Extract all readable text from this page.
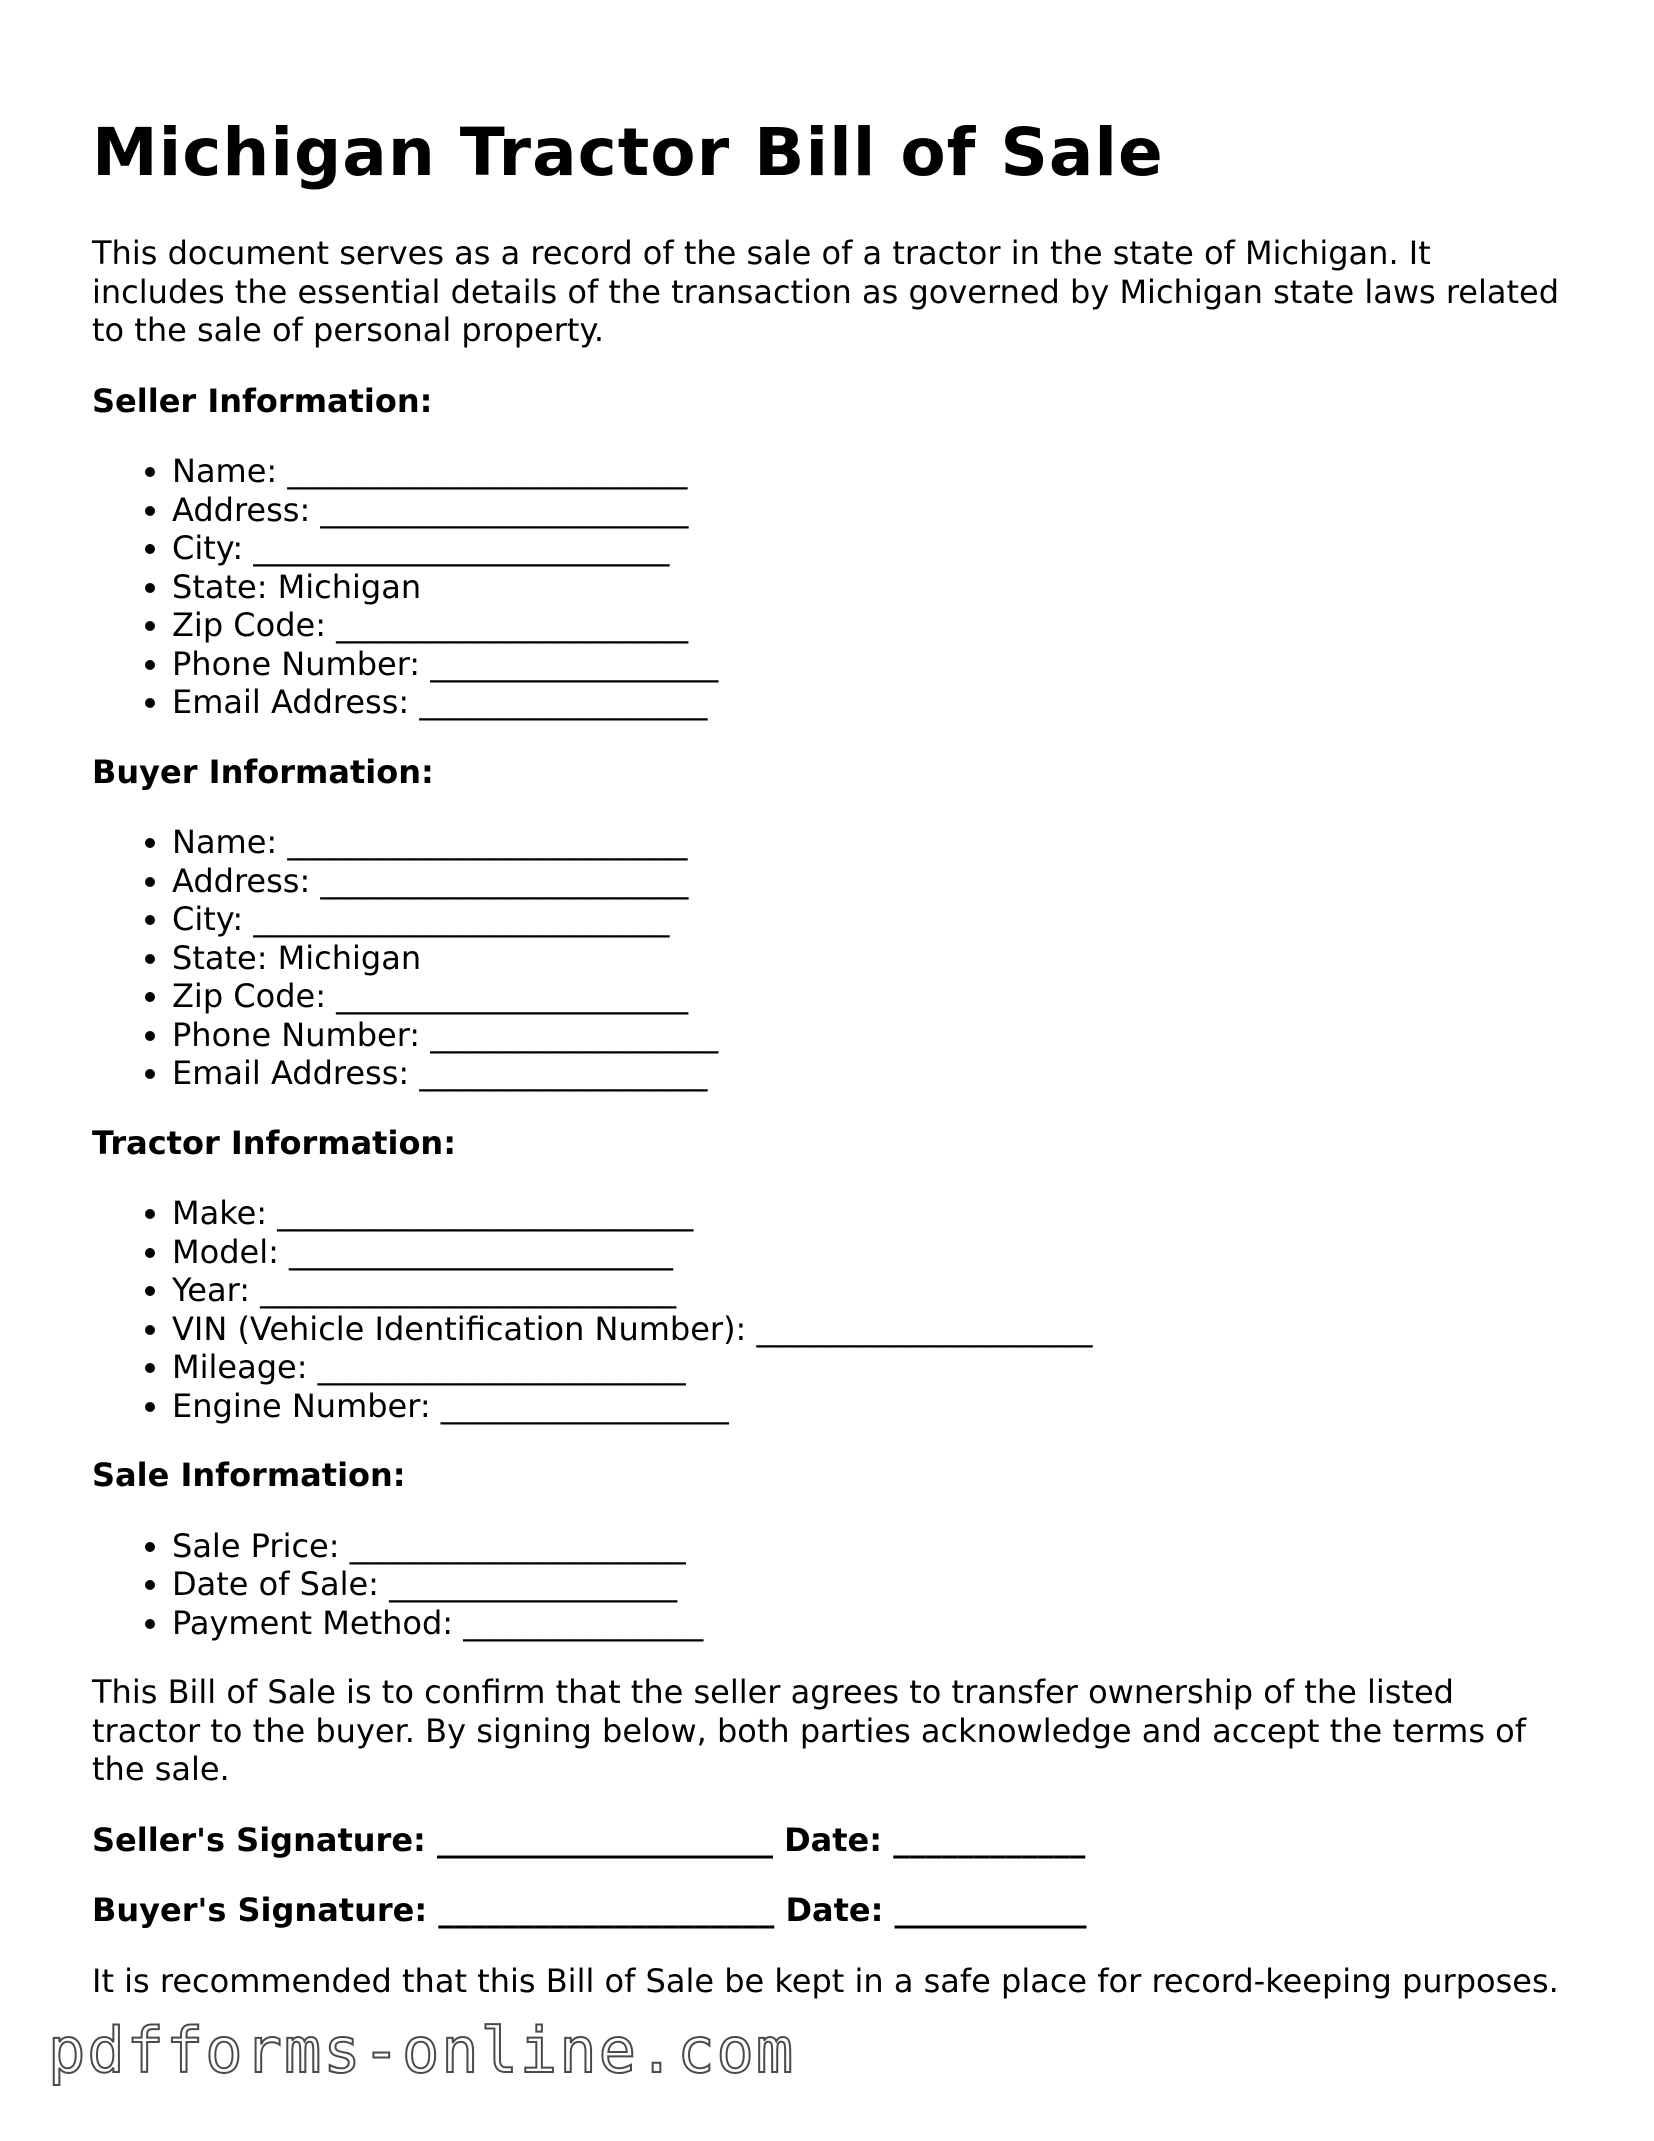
Michigan Tractor Bill of Sale

This document serves as a record of the sale of a tractor in the state of Michigan. It includes the essential details of the transaction as governed by Michigan state laws related to the sale of personal property.

Seller Information:
• Name: _________________________
• Address: _______________________
• City: __________________________
• State: Michigan
• Zip Code: ______________________
• Phone Number: __________________
• Email Address: __________________
Buyer Information:
• Name: _________________________
• Address: _______________________
• City: __________________________
• State: Michigan
• Zip Code: ______________________
• Phone Number: __________________
• Email Address: __________________
Tractor Information:
• Make: __________________________
• Model: ________________________
• Year: __________________________
• VIN (Vehicle Identification Number): _____________________
• Mileage: _______________________
• Engine Number: __________________
Sale Information:
• Sale Price: _____________________
• Date of Sale: __________________
• Payment Method: _______________

This Bill of Sale is to confirm that the seller agrees to transfer ownership of the listed tractor to the buyer. By signing below, both parties acknowledge and accept the terms of the sale.

Seller's Signature: _____________________ Date: ____________
Buyer's Signature: _____________________ Date: ____________

It is recommended that this Bill of Sale be kept in a safe place for record-keeping purposes.

pdfforms-online.com
